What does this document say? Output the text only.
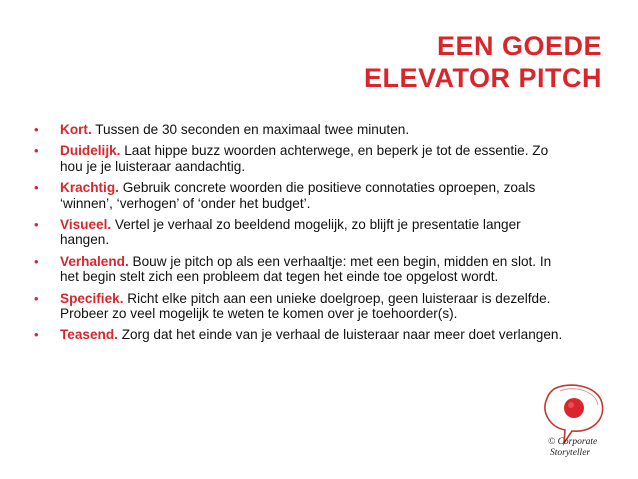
EEN GOEDE
ELEVATOR PITCH
• Kort. Tussen de 30 seconden en maximaal twee minuten.
• Duidelijk. Laat hippe buzz woorden achterwege, en beperk je tot de essentie. Zo hou je je luisteraar aandachtig.
• Krachtig. Gebruik concrete woorden die positieve connotaties oproepen, zoals ‘winnen’, ‘verhogen’ of ‘onder het budget’.
• Visueel. Vertel je verhaal zo beeldend mogelijk, zo blijft je presentatie langer hangen.
• Verhalend. Bouw je pitch op als een verhaaltje: met een begin, midden en slot. In het begin stelt zich een probleem dat tegen het einde toe opgelost wordt.
• Specifiek. Richt elke pitch aan een unieke doelgroep, geen luisteraar is dezelfde. Probeer zo veel mogelijk te weten te komen over je toehoorder(s).
• Teasend. Zorg dat het einde van je verhaal de luisteraar naar meer doet verlangen.
© Corporate
Storyteller
